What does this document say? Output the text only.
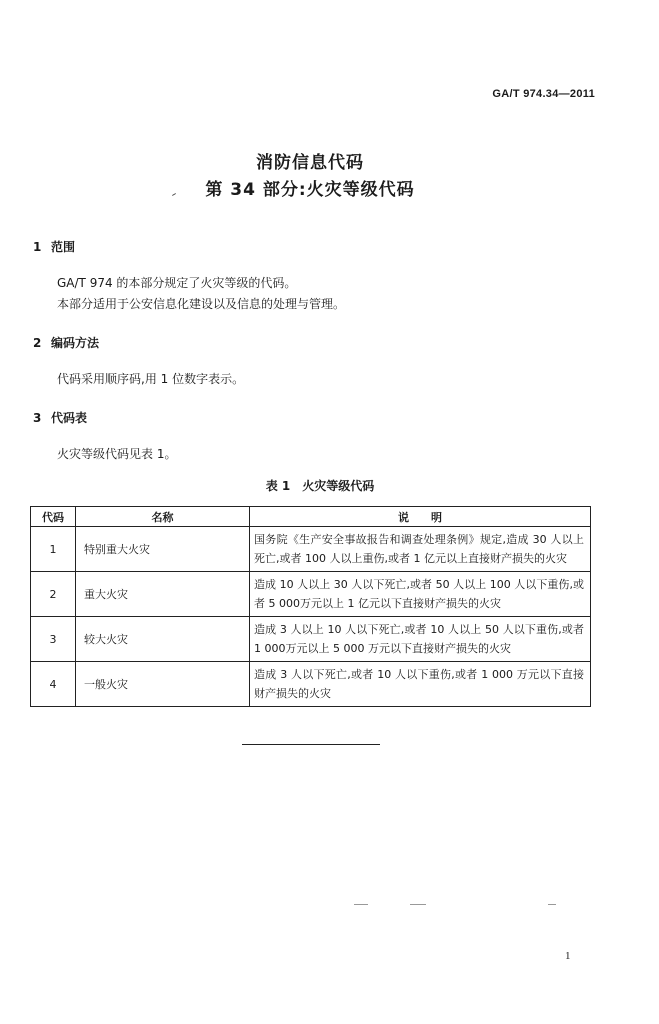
GA/T 974.34—2011
消防信息代码
第 34 部分:火灾等级代码
1 范围
GA/T 974 的本部分规定了火灾等级的代码。
本部分适用于公安信息化建设以及信息的处理与管理。
2 编码方法
代码采用顺序码,用 1 位数字表示。
3 代码表
火灾等级代码见表 1。
表 1　火灾等级代码
代码	名称	说　　明
1	特别重大火灾	国务院《生产安全事故报告和调查处理条例》规定,造成 30 人以上死亡,或者 100 人以上重伤,或者 1 亿元以上直接财产损失的火灾
2	重大火灾	造成 10 人以上 30 人以下死亡,或者 50 人以上 100 人以下重伤,或者 5 000万元以上 1 亿元以下直接财产损失的火灾
3	较大火灾	造成 3 人以上 10 人以下死亡,或者 10 人以上 50 人以下重伤,或者 1 000万元以上 5 000 万元以下直接财产损失的火灾
4	一般火灾	造成 3 人以下死亡,或者 10 人以下重伤,或者 1 000 万元以下直接财产损失的火灾
1
